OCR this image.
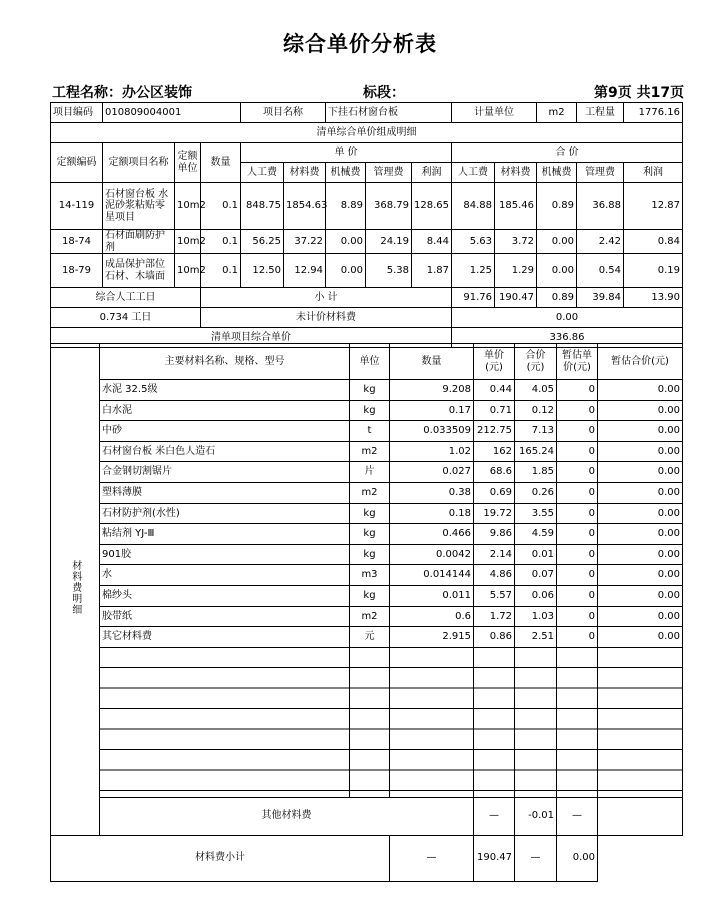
综合单价分析表
工程名称：办公区装饰	标段：	第9页 共17页
项目编码	010809004001			项目名称		下挂石材窗台板			计量单位		m2	工程量	1776.16
清单综合单价组成明细													
定额编码	定额项目名称	定额单位	数量	单 价					合 价				
				人工费	材料费	机械费	管理费	利润	人工费	材料费	机械费	管理费	利润
14-119	石材窗台板 水泥砂浆粘贴零星项目	10m2	0.1	848.75	1854.63	8.89	368.79	128.65	84.88	185.46	0.89	36.88	12.87
18-74	石材面刷防护剂	10m2	0.1	56.25	37.22	0.00	24.19	8.44	5.63	3.72	0.00	2.42	0.84
18-79	成品保护部位 石材、木墙面	10m2	0.1	12.50	12.94	0.00	5.38	1.87	1.25	1.29	0.00	0.54	0.19
综合人工工日			小 计						91.76	190.47	0.89	39.84	13.90
0.734 工日			未计价材料费						0.00				
清单项目综合单价									336.86				
材料费明细	主要材料名称、规格、型号	单位	数量	单价(元)	合价(元)	暂估单价(元)	暂估合价(元)
	水泥 32.5级	kg	9.208	0.44	4.05	0	0.00
	白水泥	kg	0.17	0.71	0.12	0	0.00
	中砂	t	0.033509	212.75	7.13	0	0.00
	石材窗台板 米白色人造石	m2	1.02	162	165.24	0	0.00
	合金钢切割锯片	片	0.027	68.6	1.85	0	0.00
	塑料薄膜	m2	0.38	0.69	0.26	0	0.00
	石材防护剂(水性)	kg	0.18	19.72	3.55	0	0.00
	粘结剂 YJ-Ⅲ	kg	0.466	9.86	4.59	0	0.00
	901胶	kg	0.0042	2.14	0.01	0	0.00
	水	m3	0.014144	4.86	0.07	0	0.00
	棉纱头	kg	0.011	5.57	0.06	0	0.00
	胶带纸	m2	0.6	1.72	1.03	0	0.00
	其它材料费	元	2.915	0.86	2.51	0	0.00

	其他材料费			—	-0.01	—	
材料费小计			—	190.47	—	0.00	
